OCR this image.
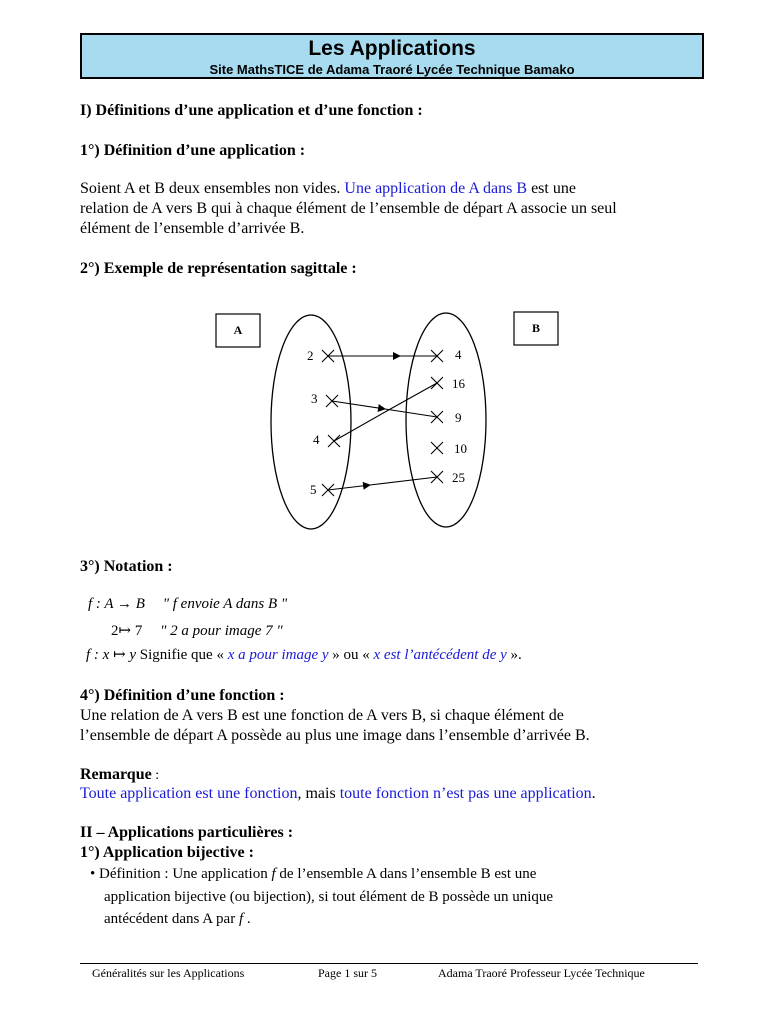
Les Applications
Site MathsTICE de Adama Traoré Lycée Technique Bamako
I) Définitions d’une application et d’une fonction :
1°) Définition d’une application :
Soient A et B deux ensembles non vides. Une application de A dans B est une
relation de A vers B qui à chaque élément de l’ensemble de départ A associe un seul
élément de l’ensemble d’arrivée B.
2°) Exemple de représentation sagittale :
A	B
2
3
4
5
4
16
9
10
25
3°) Notation :
f : A → B " f envoie A dans B "
2↦ 7 " 2 a pour image 7 "
f : x ↦ y Signifie que « x a pour image y » ou « x est l’antécédent de y ».
4°) Définition d’une fonction :
Une relation de A vers B est une fonction de A vers B, si chaque élément de
l’ensemble de départ A possède au plus une image dans l’ensemble d’arrivée B.
Remarque :
Toute application est une fonction, mais toute fonction n’est pas une application.
II – Applications particulières :
1°) Application bijective :
• Définition : Une application f de l’ensemble A dans l’ensemble B est une
application bijective (ou bijection), si tout élément de B possède un unique
antécédent dans A par f .
Généralités sur les Applications	Page 1 sur 5	Adama Traoré Professeur Lycée Technique
